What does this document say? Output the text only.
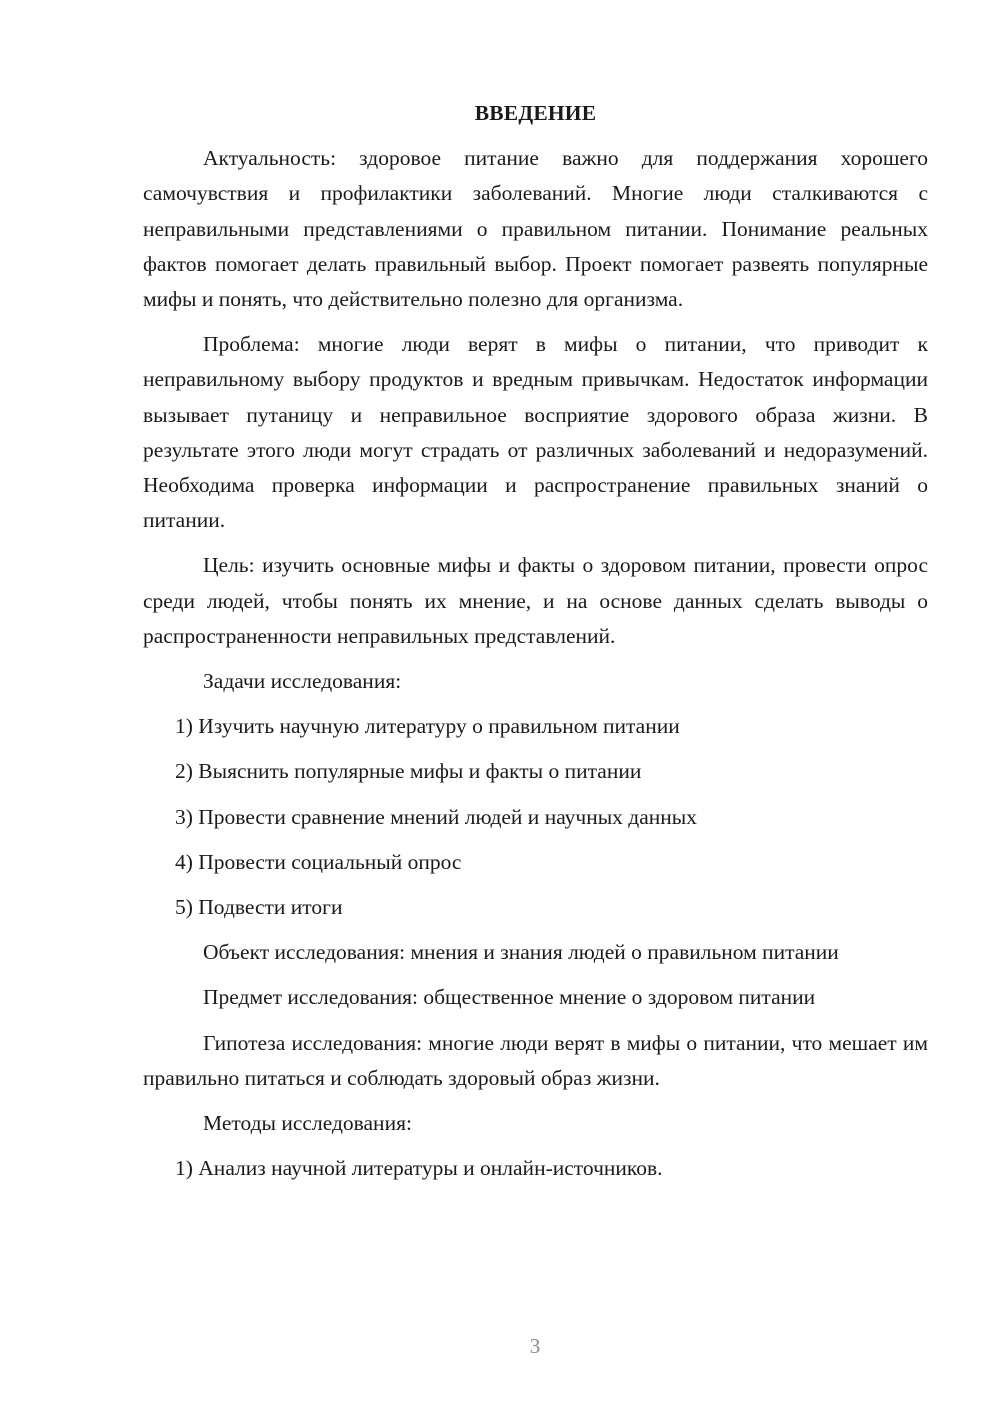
ВВЕДЕНИЕ

Актуальность: здоровое питание важно для поддержания хорошего самочувствия и профилактики заболеваний. Многие люди сталкиваются с неправильными представлениями о правильном питании. Понимание реальных фактов помогает делать правильный выбор. Проект помогает развеять популярные мифы и понять, что действительно полезно для организма.

Проблема: многие люди верят в мифы о питании, что приводит к неправильному выбору продуктов и вредным привычкам. Недостаток информации вызывает путаницу и неправильное восприятие здорового образа жизни. В результате этого люди могут страдать от различных заболеваний и недоразумений. Необходима проверка информации и распространение правильных знаний о питании.

Цель: изучить основные мифы и факты о здоровом питании, провести опрос среди людей, чтобы понять их мнение, и на основе данных сделать выводы о распространенности неправильных представлений.

Задачи исследования:

1) Изучить научную литературу о правильном питании

2) Выяснить популярные мифы и факты о питании

3) Провести сравнение мнений людей и научных данных

4) Провести социальный опрос

5) Подвести итоги

Объект исследования: мнения и знания людей о правильном питании

Предмет исследования: общественное мнение о здоровом питании

Гипотеза исследования: многие люди верят в мифы о питании, что мешает им правильно питаться и соблюдать здоровый образ жизни.

Методы исследования:

1) Анализ научной литературы и онлайн-источников.

3
